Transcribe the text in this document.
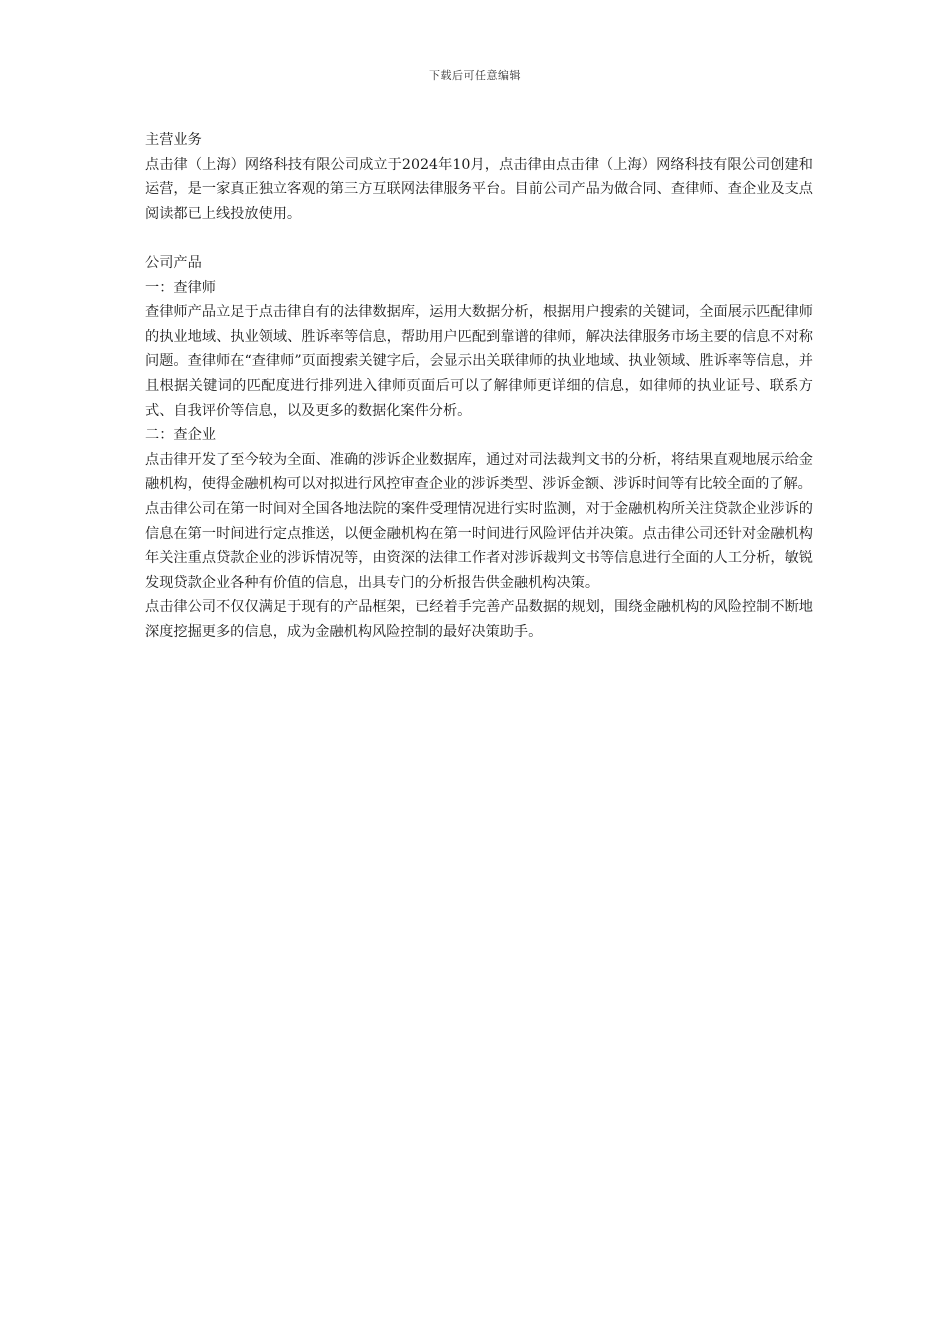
下载后可任意编辑

主营业务

点击律（上海）网络科技有限公司成立于2024年10月，点击律由点击律（上海）网络科技有限公司创建和运营，是一家真正独立客观的第三方互联网法律服务平台。目前公司产品为做合同、查律师、查企业及支点阅读都已上线投放使用。

公司产品

一：查律师

查律师产品立足于点击律自有的法律数据库，运用大数据分析，根据用户搜索的关键词，全面展示匹配律师的执业地域、执业领域、胜诉率等信息，帮助用户匹配到靠谱的律师，解决法律服务市场主要的信息不对称问题。查律师在“查律师”页面搜索关键字后，会显示出关联律师的执业地域、执业领域、胜诉率等信息，并且根据关键词的匹配度进行排列进入律师页面后可以了解律师更详细的信息，如律师的执业证号、联系方式、自我评价等信息，以及更多的数据化案件分析。

二：查企业

点击律开发了至今较为全面、准确的涉诉企业数据库，通过对司法裁判文书的分析，将结果直观地展示给金融机构，使得金融机构可以对拟进行风控审查企业的涉诉类型、涉诉金额、涉诉时间等有比较全面的了解。

点击律公司在第一时间对全国各地法院的案件受理情况进行实时监测，对于金融机构所关注贷款企业涉诉的信息在第一时间进行定点推送，以便金融机构在第一时间进行风险评估并决策。点击律公司还针对金融机构年关注重点贷款企业的涉诉情况等，由资深的法律工作者对涉诉裁判文书等信息进行全面的人工分析，敏锐发现贷款企业各种有价值的信息，出具专门的分析报告供金融机构决策。

点击律公司不仅仅满足于现有的产品框架，已经着手完善产品数据的规划，围绕金融机构的风险控制不断地深度挖掘更多的信息，成为金融机构风险控制的最好决策助手。
